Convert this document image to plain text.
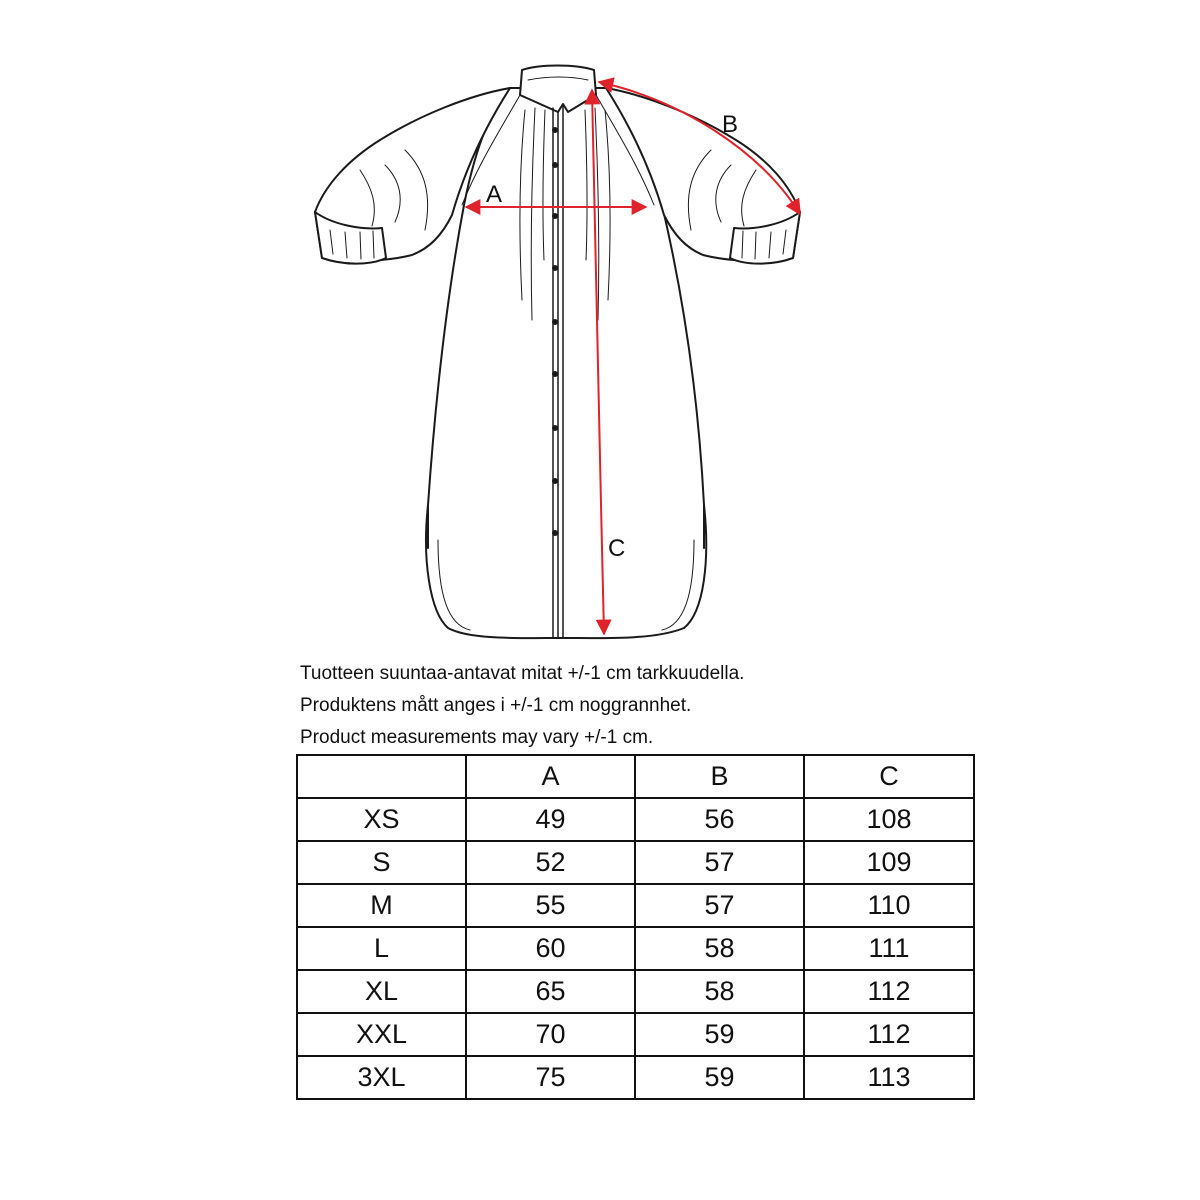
A
B
C
Tuotteen suuntaa-antavat mitat +/-1 cm tarkkuudella.
Produktens mått anges i +/-1 cm noggrannhet.
Product measurements may vary +/-1 cm.
	A	B	C
XS	49	56	108
S	52	57	109
M	55	57	110
L	60	58	111
XL	65	58	112
XXL	70	59	112
3XL	75	59	113
